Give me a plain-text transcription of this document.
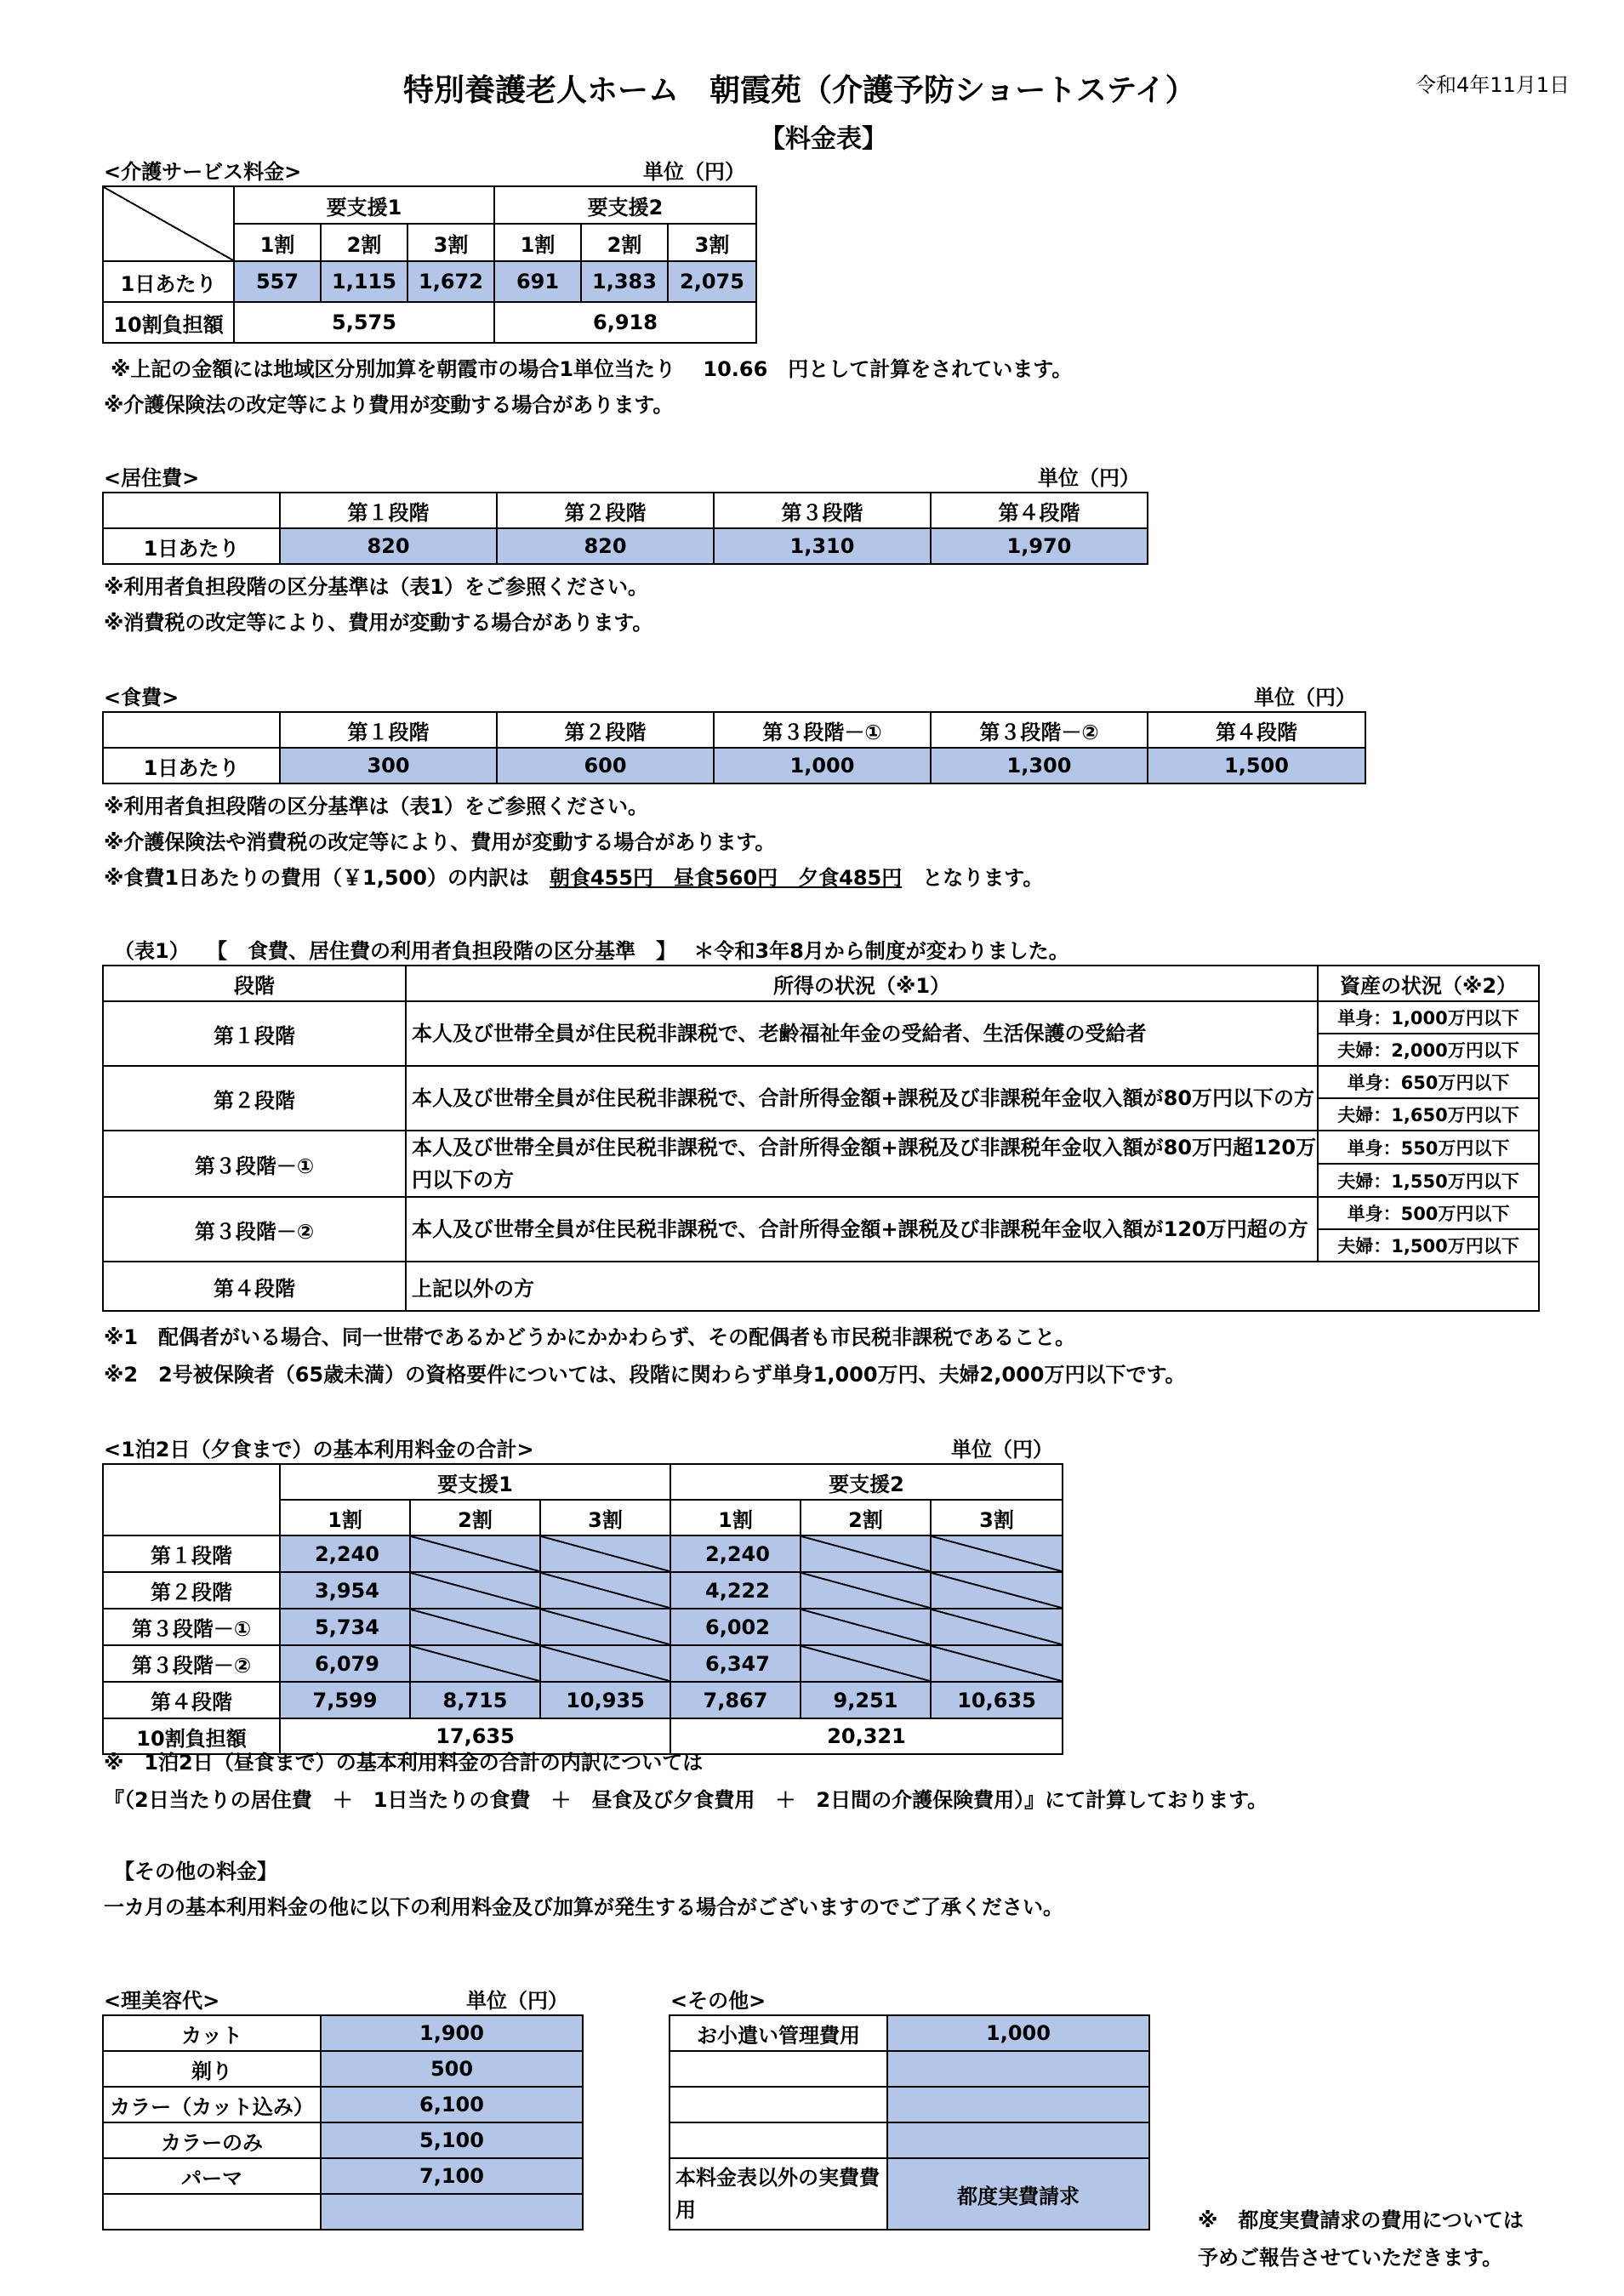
特別養護老人ホーム　朝霞苑（介護予防ショートステイ）	令和4年11月1日
【料金表】
<介護サービス料金>	単位（円）
	要支援1			要支援2		
	1割	2割	3割	1割	2割	3割
1日あたり	557	1,115	1,672	691	1,383	2,075
10割負担額	5,575			6,918		
※上記の金額には地域区分別加算を朝霞市の場合1単位当たり　 10.66　円として計算をされています。
※介護保険法の改定等により費用が変動する場合があります。
<居住費>	単位（円）
	第１段階	第２段階	第３段階	第４段階
1日あたり	820	820	1,310	1,970
※利用者負担段階の区分基準は（表1）をご参照ください。
※消費税の改定等により、費用が変動する場合があります。
<食費>	単位（円）
	第１段階	第２段階	第３段階－①	第３段階－②	第４段階
1日あたり	300	600	1,000	1,300	1,500
※利用者負担段階の区分基準は（表1）をご参照ください。
※介護保険法や消費税の改定等により、費用が変動する場合があります。
※食費1日あたりの費用（￥1,500）の内訳は　朝食455円　昼食560円　夕食485円　となります。
（表1）　 【　食費、居住費の利用者負担段階の区分基準　】　 ＊令和3年8月から制度が変わりました。
段階	所得の状況（※1）	資産の状況（※2）
第１段階	本人及び世帯全員が住民税非課税で、老齢福祉年金の受給者、生活保護の受給者	単身：1,000万円以下
		夫婦：2,000万円以下
第２段階	本人及び世帯全員が住民税非課税で、合計所得金額+課税及び非課税年金収入額が80万円以下の方	単身：650万円以下
		夫婦：1,650万円以下
第３段階－①	本人及び世帯全員が住民税非課税で、合計所得金額+課税及び非課税年金収入額が80万円超120万円以下の方	単身：550万円以下
		夫婦：1,550万円以下
第３段階－②	本人及び世帯全員が住民税非課税で、合計所得金額+課税及び非課税年金収入額が120万円超の方	単身：500万円以下
		夫婦：1,500万円以下
第４段階	上記以外の方	
※1　配偶者がいる場合、同一世帯であるかどうかにかかわらず、その配偶者も市民税非課税であること。
※2　2号被保険者（65歳未満）の資格要件については、段階に関わらず単身1,000万円、夫婦2,000万円以下です。
<1泊2日（夕食まで）の基本利用料金の合計>	単位（円）
	要支援1			要支援2		
	1割	2割	3割	1割	2割	3割
第１段階	2,240			2,240		
第２段階	3,954			4,222		
第３段階－①	5,734			6,002		
第３段階－②	6,079			6,347		
第４段階	7,599	8,715	10,935	7,867	9,251	10,635
10割負担額	17,635			20,321		
※　1泊2日（昼食まで）の基本利用料金の合計の内訳については
『（2日当たりの居住費　＋　1日当たりの食費　＋　昼食及び夕食費用　＋　2日間の介護保険費用）』にて計算しております。
【その他の料金】
一カ月の基本利用料金の他に以下の利用料金及び加算が発生する場合がございますのでご了承ください。
<理美容代>	単位（円）
カット	1,900
剃り	500
カラー（カット込み）	6,100
カラーのみ	5,100
パーマ	7,100

<その他>
お小遣い管理費用	1,000

本料金表以外の実費費用	都度実費請求
※　都度実費請求の費用については
予めご報告させていただきます。
